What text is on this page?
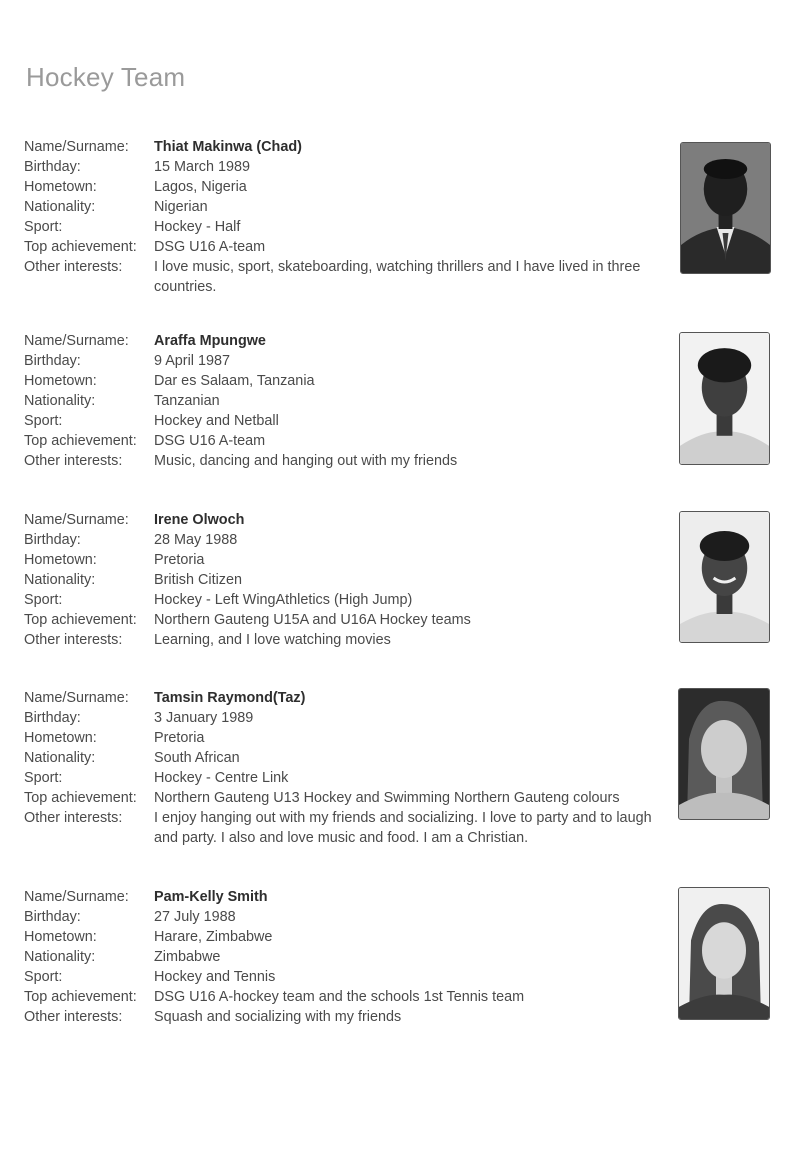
Hockey Team
Name/Surname:	Thiat Makinwa (Chad)
Birthday:	15 March 1989
Hometown:	Lagos, Nigeria
Nationality:	Nigerian
Sport:	Hockey - Half
Top achievement:	DSG U16 A-team
Other interests:	I love music, sport, skateboarding, watching thrillers and I have lived in three countries.
Name/Surname:	Araffa Mpungwe
Birthday:	9 April 1987
Hometown:	Dar es Salaam, Tanzania
Nationality:	Tanzanian
Sport:	Hockey and Netball
Top achievement:	DSG U16 A-team
Other interests:	Music, dancing and hanging out with my friends
Name/Surname:	Irene Olwoch
Birthday:	28 May 1988
Hometown:	Pretoria
Nationality:	British Citizen
Sport:	Hockey - Left WingAthletics (High Jump)
Top achievement:	Northern Gauteng U15A and U16A Hockey teams
Other interests:	Learning, and I love watching movies
Name/Surname:	Tamsin Raymond(Taz)
Birthday:	3 January 1989
Hometown:	Pretoria
Nationality:	South African
Sport:	Hockey - Centre Link
Top achievement:	Northern Gauteng U13 Hockey and Swimming Northern Gauteng colours
Other interests:	I enjoy hanging out with my friends and socializing. I love to party and to laugh and party. I also and love music and food. I am a Christian.
Name/Surname:	Pam-Kelly Smith
Birthday:	27 July 1988
Hometown:	Harare, Zimbabwe
Nationality:	Zimbabwe
Sport:	Hockey and Tennis
Top achievement:	DSG U16 A-hockey team and the schools 1st Tennis team
Other interests:	Squash and socializing with my friends
